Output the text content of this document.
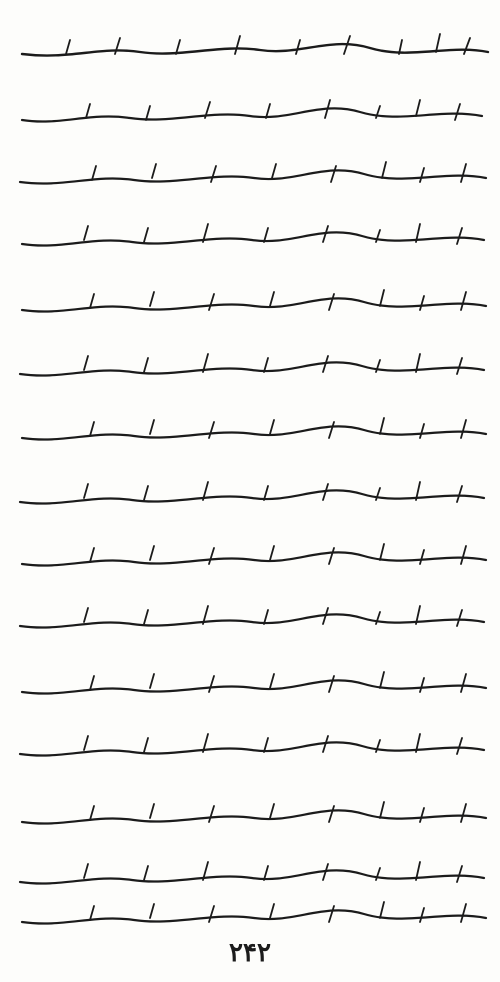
۲۴۲
